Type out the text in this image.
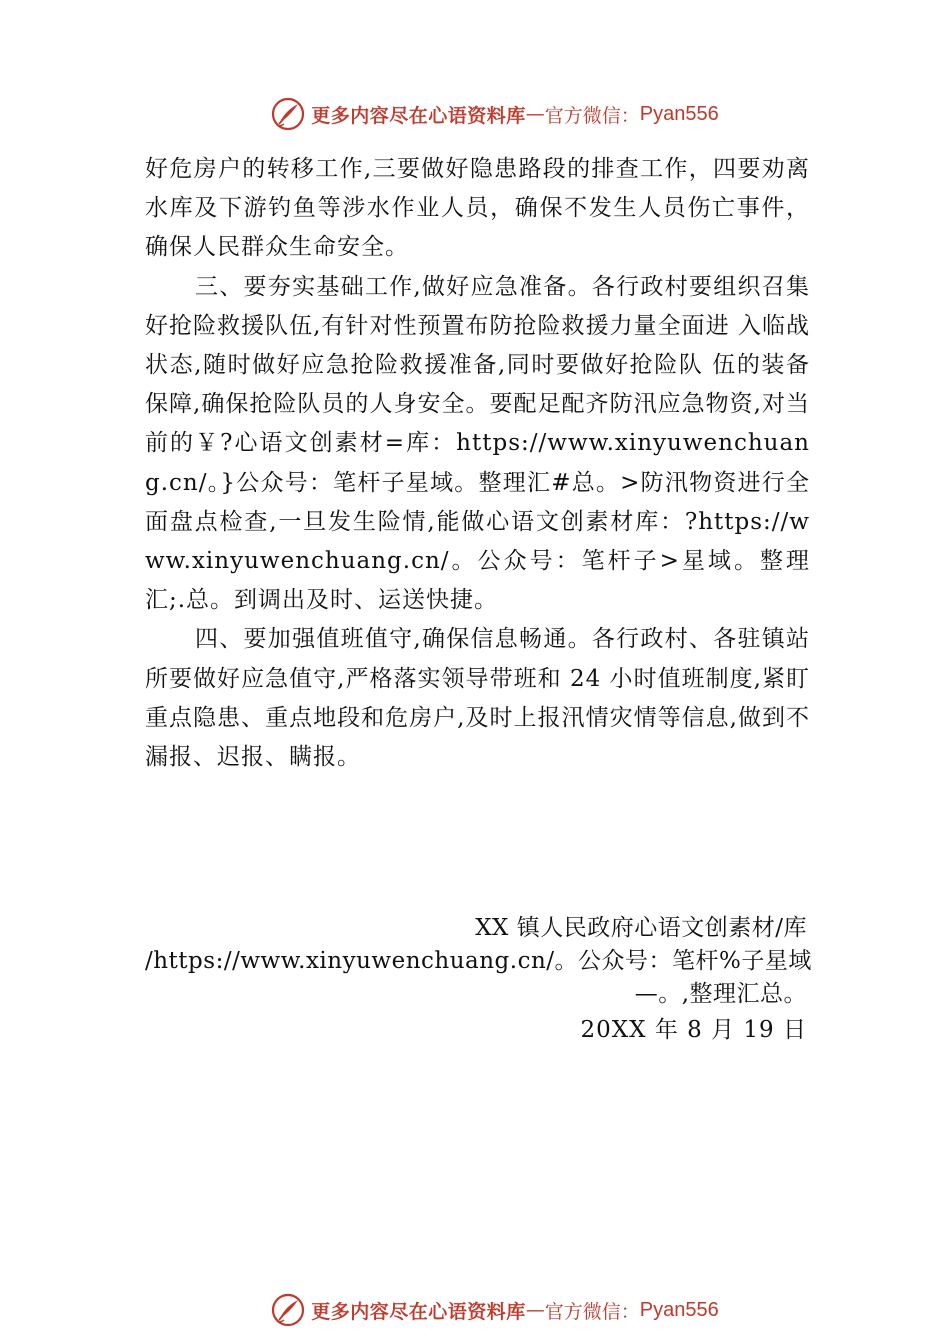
更多内容尽在心语资料库 — 官方微信： Pyan556

好危房户的转移工作,三要做好隐患路段的排查工作，四要劝离水库及下游钓鱼等涉水作业人员，确保不发生人员伤亡事件，确保人民群众生命安全。

三、要夯实基础工作,做好应急准备。各行政村要组织召集好抢险救援队伍,有针对性预置布防抢险救援力量全面进 入临战状态,随时做好应急抢险救援准备,同时要做好抢险队 伍的装备保障,确保抢险队员的人身安全。要配足配齐防汛应急物资,对当前的￥?心语文创素材=库：https://www.xinyuwenchuang.cn/。}公众号：笔杆子星域。整理汇#总。>防汛物资进行全面盘点检查,一旦发生险情,能做心语文创素材库：?https://www.xinyuwenchuang.cn/。公众号：笔杆子>星域。整理汇;.总。到调出及时、运送快捷。

四、要加强值班值守,确保信息畅通。各行政村、各驻镇站所要做好应急值守,严格落实领导带班和 24 小时值班制度,紧盯重点隐患、重点地段和危房户,及时上报汛情灾情等信息,做到不漏报、迟报、瞒报。

XX 镇人民政府心语文创素材/库
/https://www.xinyuwenchuang.cn/。公众号：笔杆%子星域
—。,整理汇总。
20XX 年 8 月 19 日
更多内容尽在心语资料库 — 官方微信： Pyan556
